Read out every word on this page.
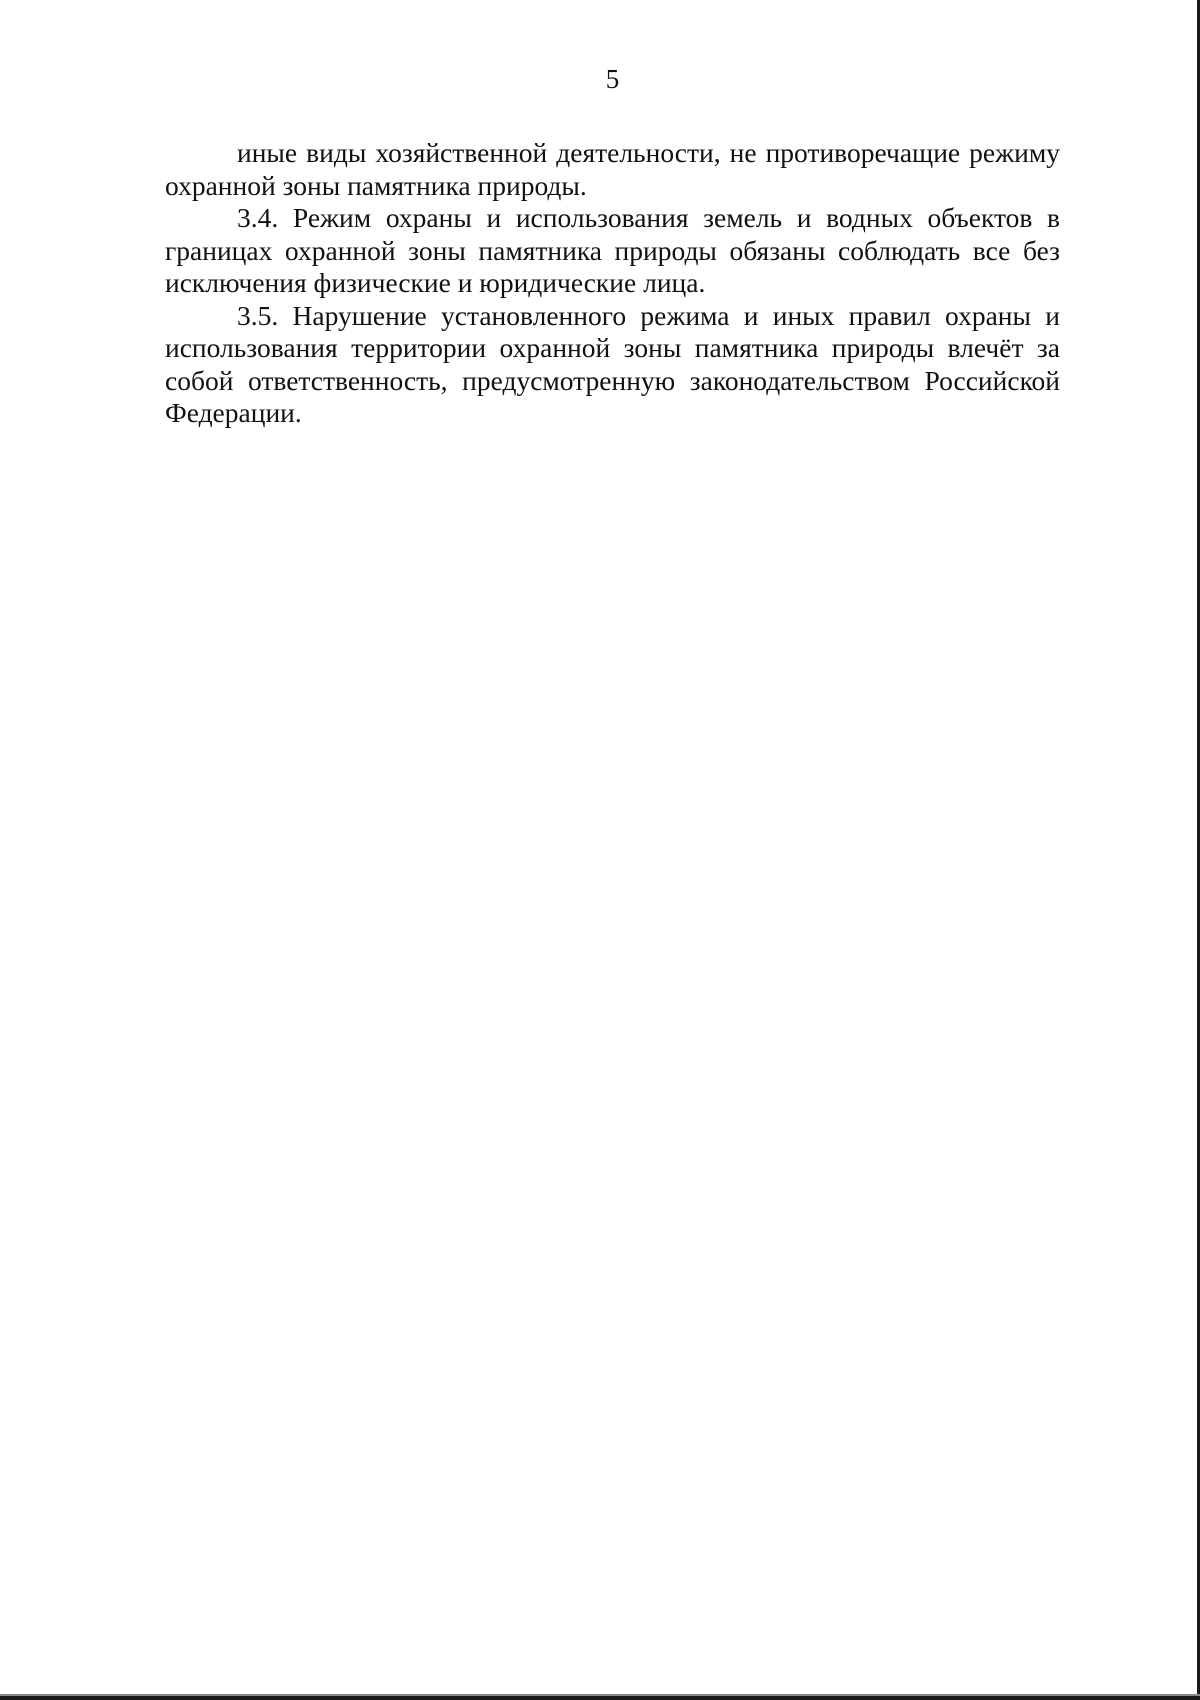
5

иные виды хозяйственной деятельности, не противоречащие режиму охранной зоны памятника природы.

3.4. Режим охраны и использования земель и водных объектов в границах охранной зоны памятника природы обязаны соблюдать все без исключения физические и юридические лица.

3.5. Нарушение установленного режима и иных правил охраны и использования территории охранной зоны памятника природы влечёт за собой ответственность, предусмотренную законодательством Российской Федерации.
